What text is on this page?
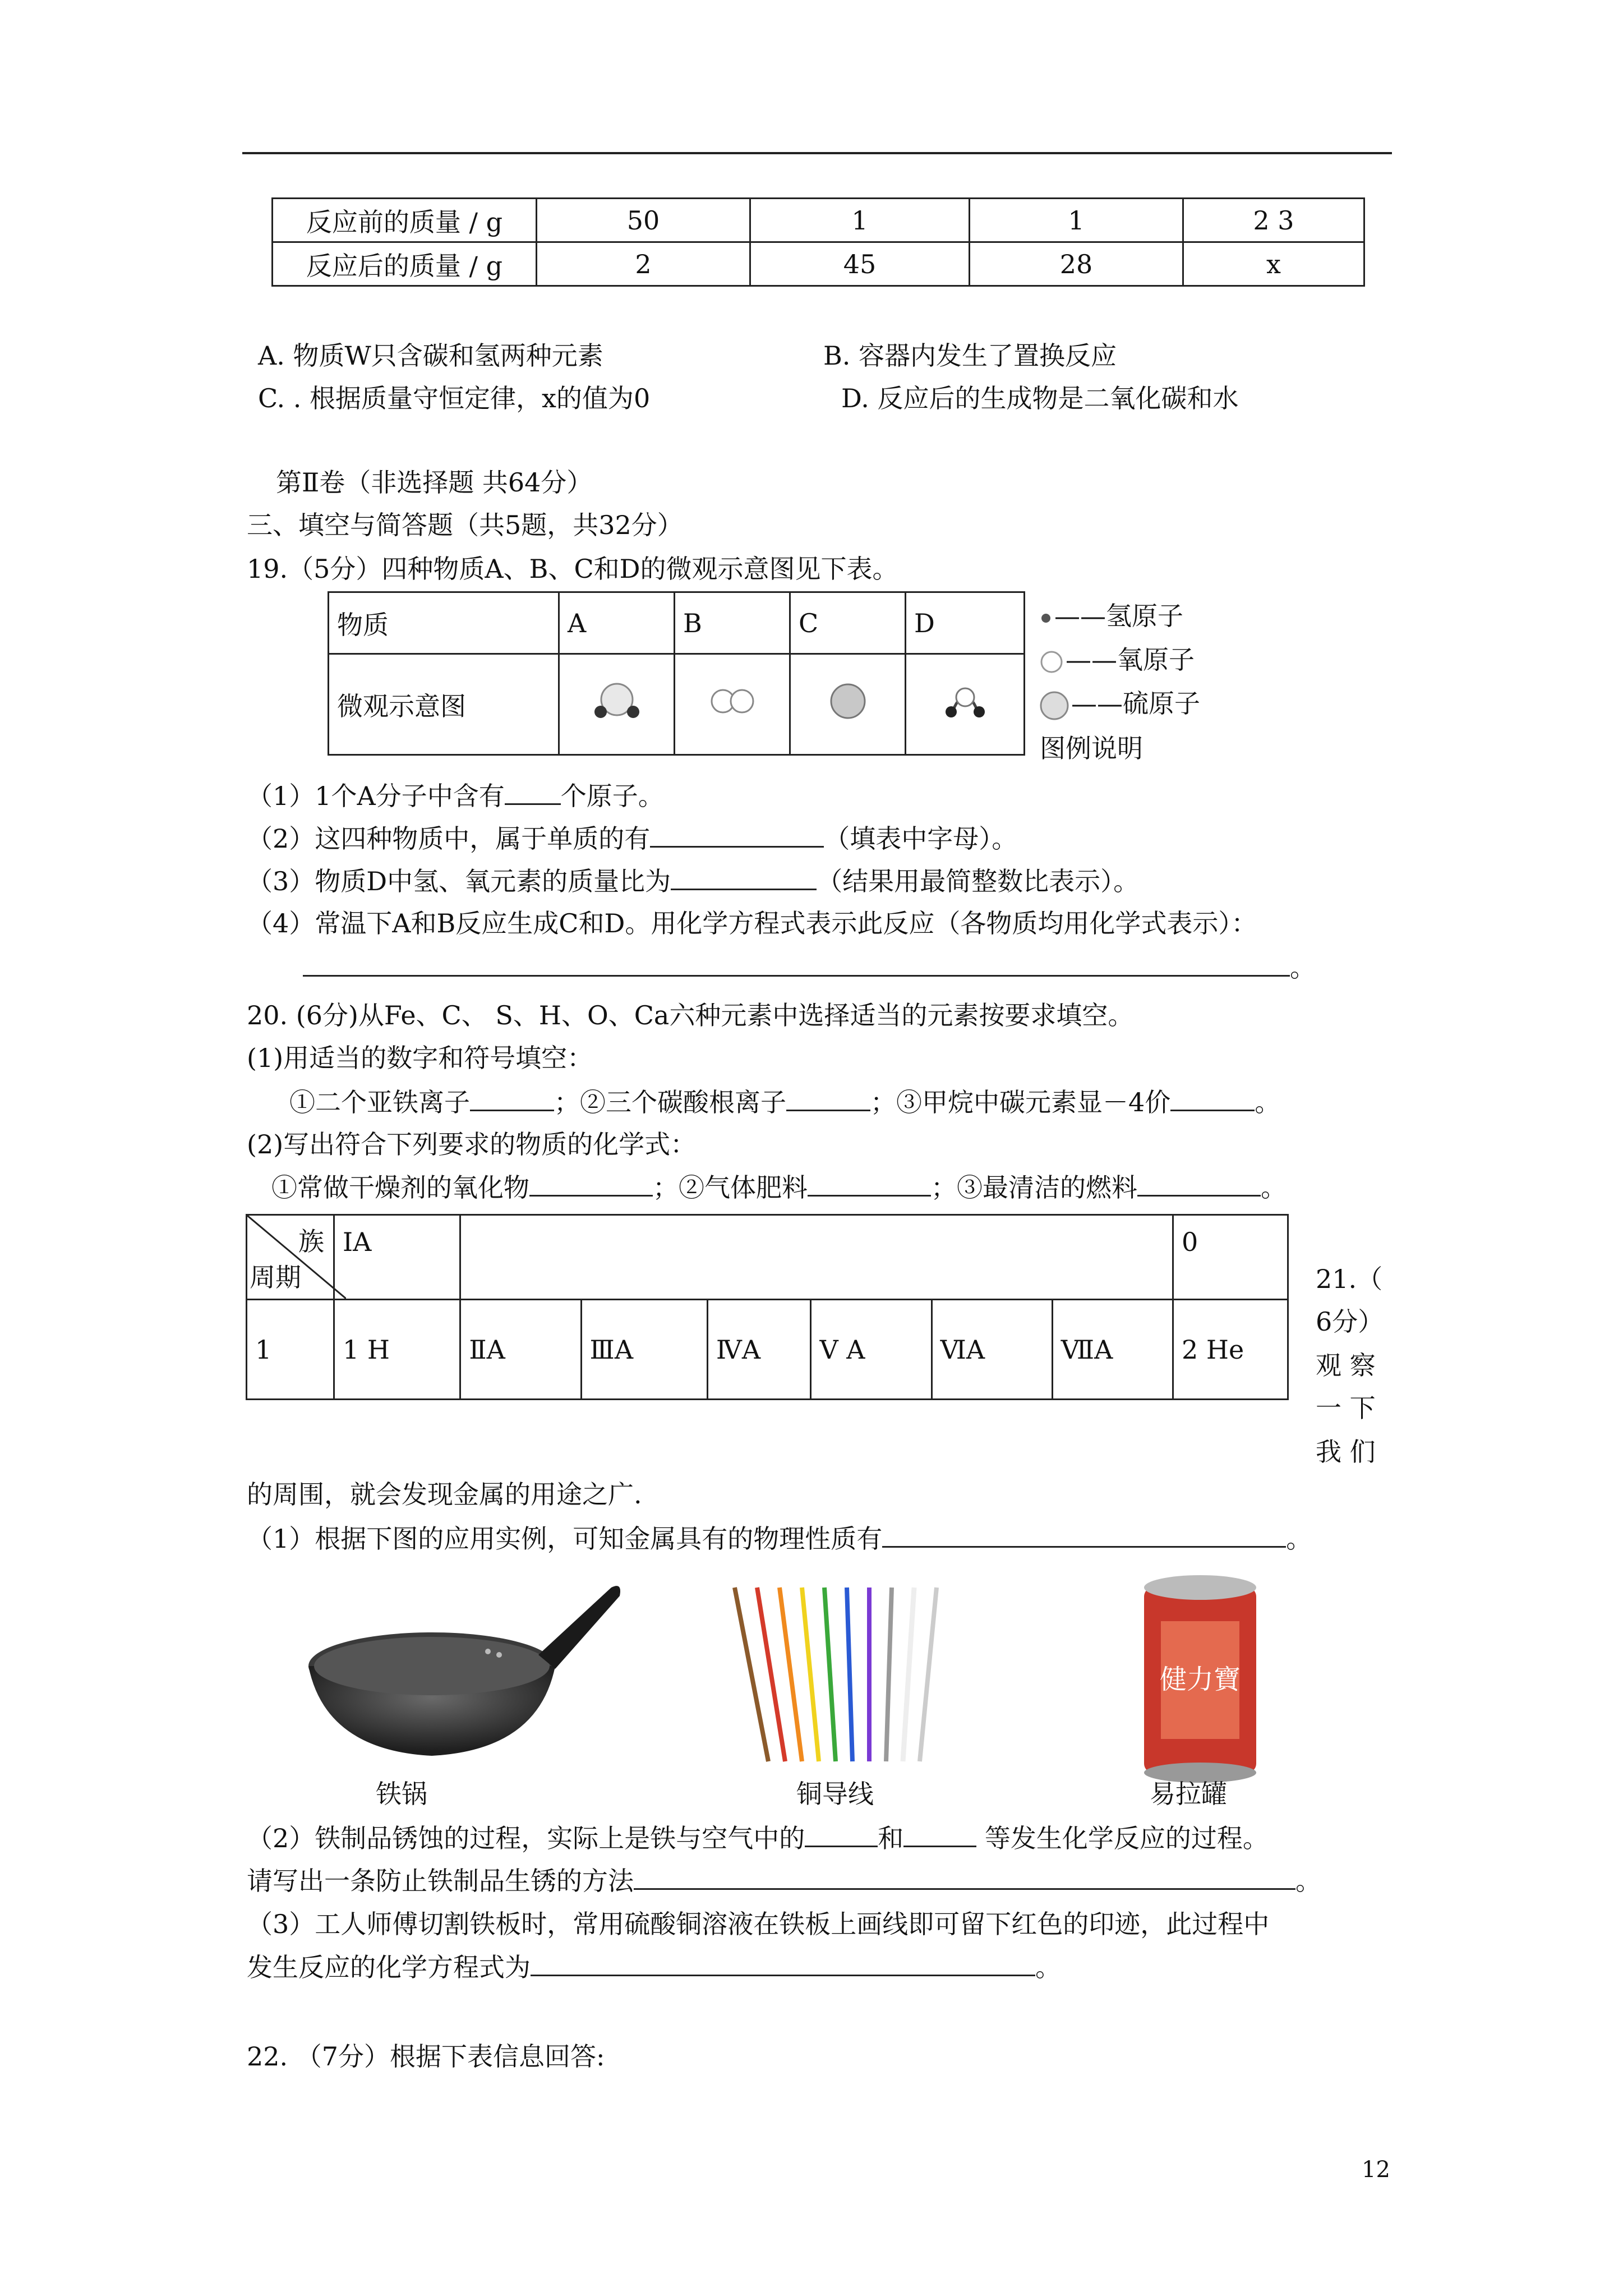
反应前的质量 / g	50	1	1	2 3
反应后的质量 / g	2	45	28	x
A. 物质W只含碳和氢两种元素	B. 容器内发生了置换反应
C. . 根据质量守恒定律，x的值为0	D. 反应后的生成物是二氧化碳和水
第Ⅱ卷（非选择题 共64分）
三、填空与简答题（共5题，共32分）
19.（5分）四种物质A、B、C和D的微观示意图见下表。
物质	A	B	C	D
微观示意图				
——氢原子
——氧原子
——硫原子
图例说明
（1）1个A分子中含有 个原子。
（2）这四种物质中，属于单质的有	（填表中字母）。
（3）物质D中氢、氧元素的质量比为	（结果用最简整数比表示）。
（4）常温下A和B反应生成C和D。用化学方程式表示此反应（各物质均用化学式表示）：
。
20. (6分)从Fe、C、 S、H、O、Ca六种元素中选择适当的元素按要求填空。
(1)用适当的数字和符号填空：
①二个亚铁离子	；②三个碳酸根离子	；③甲烷中碳元素显－4价	。
(2)写出符合下列要求的物质的化学式：
①常做干燥剂的氧化物	；②气体肥料	；③最清洁的燃料	。
族
周期	IA							0
1	1 H	ⅡA	ⅢA	ⅣA	Ⅴ A	ⅥA	ⅦA	2 He
21.（
6分）
观 察
一 下
我 们
的周围，就会发现金属的用途之广.
（1）根据下图的应用实例，可知金属具有的物理性质有	。
健力寶
铁锅	铜导线	易拉罐
（2）铁制品锈蚀的过程，实际上是铁与空气中的	和	等发生化学反应的过程。
请写出一条防止铁制品生锈的方法	。
（3）工人师傅切割铁板时，常用硫酸铜溶液在铁板上画线即可留下红色的印迹，此过程中
发生反应的化学方程式为	。
22. （7分）根据下表信息回答:
12
